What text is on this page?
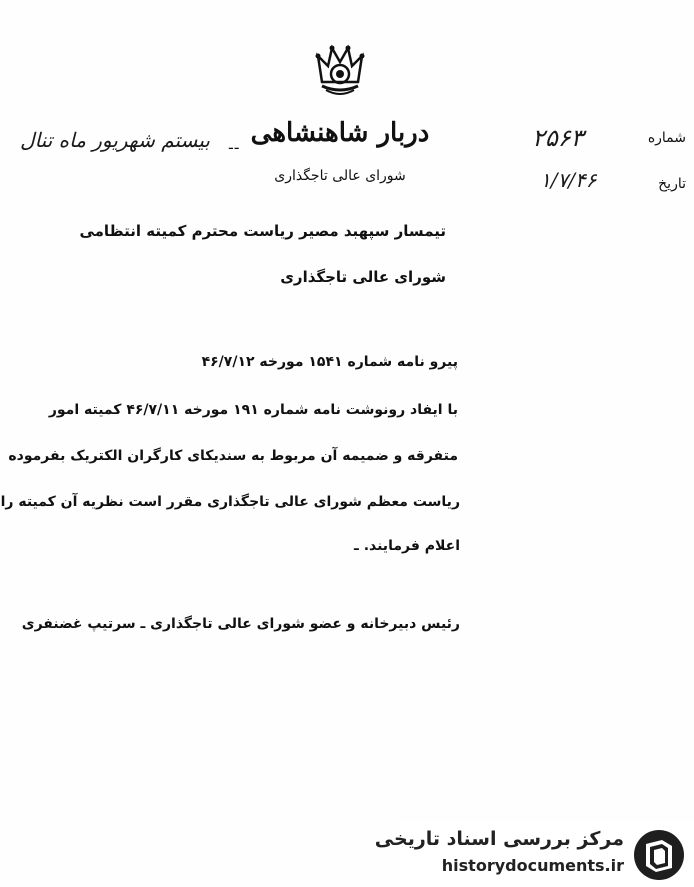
دربار شاهنشاهی
شورای عالی تاجگذاری
بیستم شهریور ماه تنال --	شماره
۲۵۶۳
تاریخ
۱/۷/۴۶
تیمسار سپهبد مصیر ریاست محترم کمیته انتظامی
شورای عالی تاجگذاری
پیرو نامه شماره ۱۵۴۱ مورخه ۴۶/۷/۱۲
با ایفاد رونوشت نامه شماره ۱۹۱ مورخه ۴۶/۷/۱۱ کمیته امور
متفرقه و ضمیمه آن مربوط به سندیکای کارگران الکتریک بفرموده
ریاست معظم شورای عالی تاجگذاری مقرر است نظریه آن کمیته را
اعلام فرمایند. ـ
رئیس دبیرخانه و عضو شورای عالی تاجگذاری ـ سرتیپ غضنفری
مرکز بررسی اسناد تاریخی
historydocuments.ir
